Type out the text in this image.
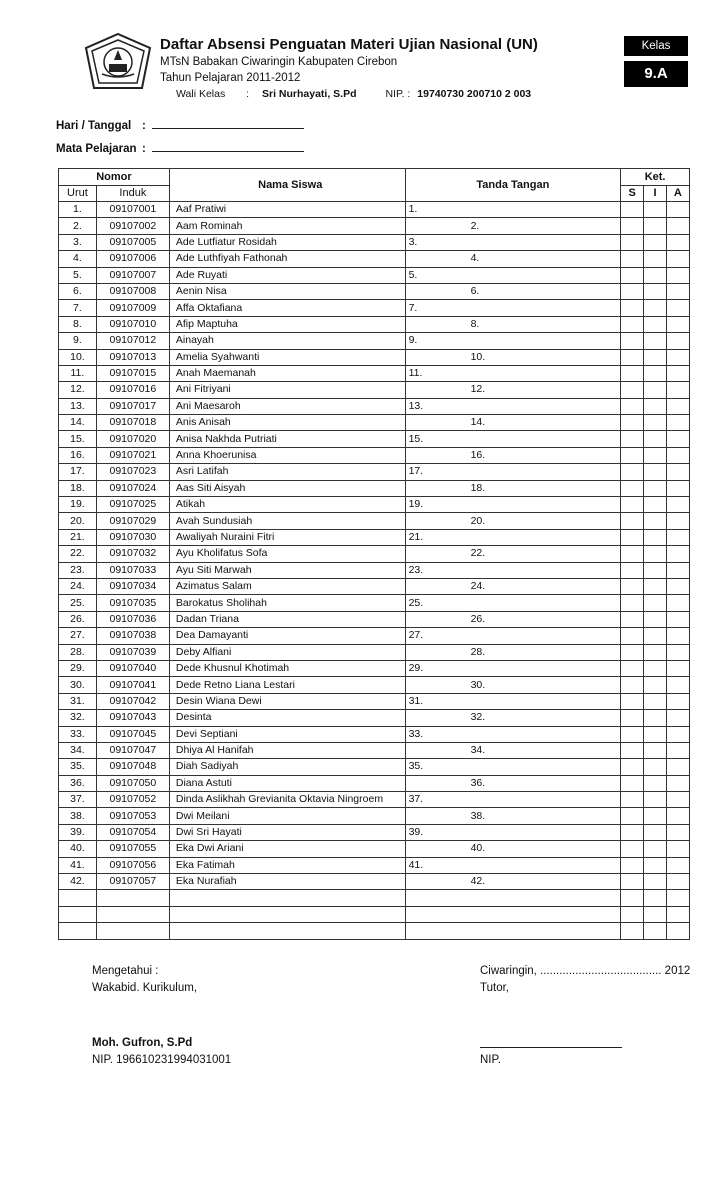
Daftar Absensi Penguatan Materi Ujian Nasional (UN)
MTsN Babakan Ciwaringin Kabupaten Cirebon
Tahun Pelajaran 2011-2012
Wali Kelas : Sri Nurhayati, S.Pd	NIP. : 19740730 200710 2 003
Kelas
9.A
Hari / Tanggal :
Mata Pelajaran :
Nomor		Nama Siswa	Tanda Tangan	Ket.		
Urut	Induk			S	I	A
1.	09107001	Aaf Pratiwi	1.			
2.	09107002	Aam Rominah	2.			
3.	09107005	Ade Lutfiatur Rosidah	3.			
4.	09107006	Ade Luthfiyah Fathonah	4.			
5.	09107007	Ade Ruyati	5.			
6.	09107008	Aenin Nisa	6.			
7.	09107009	Affa Oktafiana	7.			
8.	09107010	Afip Maptuha	8.			
9.	09107012	Ainayah	9.			
10.	09107013	Amelia Syahwanti	10.			
11.	09107015	Anah Maemanah	11.			
12.	09107016	Ani Fitriyani	12.			
13.	09107017	Ani Maesaroh	13.			
14.	09107018	Anis Anisah	14.			
15.	09107020	Anisa Nakhda Putriati	15.			
16.	09107021	Anna Khoerunisa	16.			
17.	09107023	Asri Latifah	17.			
18.	09107024	Aas Siti Aisyah	18.			
19.	09107025	Atikah	19.			
20.	09107029	Avah Sundusiah	20.			
21.	09107030	Awaliyah Nuraini Fitri	21.			
22.	09107032	Ayu Kholifatus Sofa	22.			
23.	09107033	Ayu Siti Marwah	23.			
24.	09107034	Azimatus Salam	24.			
25.	09107035	Barokatus Sholihah	25.			
26.	09107036	Dadan Triana	26.			
27.	09107038	Dea Damayanti	27.			
28.	09107039	Deby Alfiani	28.			
29.	09107040	Dede Khusnul Khotimah	29.			
30.	09107041	Dede Retno Liana Lestari	30.			
31.	09107042	Desin Wiana Dewi	31.			
32.	09107043	Desinta	32.			
33.	09107045	Devi Septiani	33.			
34.	09107047	Dhiya Al Hanifah	34.			
35.	09107048	Diah Sadiyah	35.			
36.	09107050	Diana Astuti	36.			
37.	09107052	Dinda Aslikhah Grevianita Oktavia Ningroem	37.			
38.	09107053	Dwi Meilani	38.			
39.	09107054	Dwi Sri Hayati	39.			
40.	09107055	Eka Dwi Ariani	40.			
41.	09107056	Eka Fatimah	41.			
42.	09107057	Eka Nurafiah	42.			

Mengetahui :
Wakabid. Kurikulum,
Moh. Gufron, S.Pd
NIP. 196610231994031001
Ciwaringin, ...................................... 2012
Tutor,
NIP.
